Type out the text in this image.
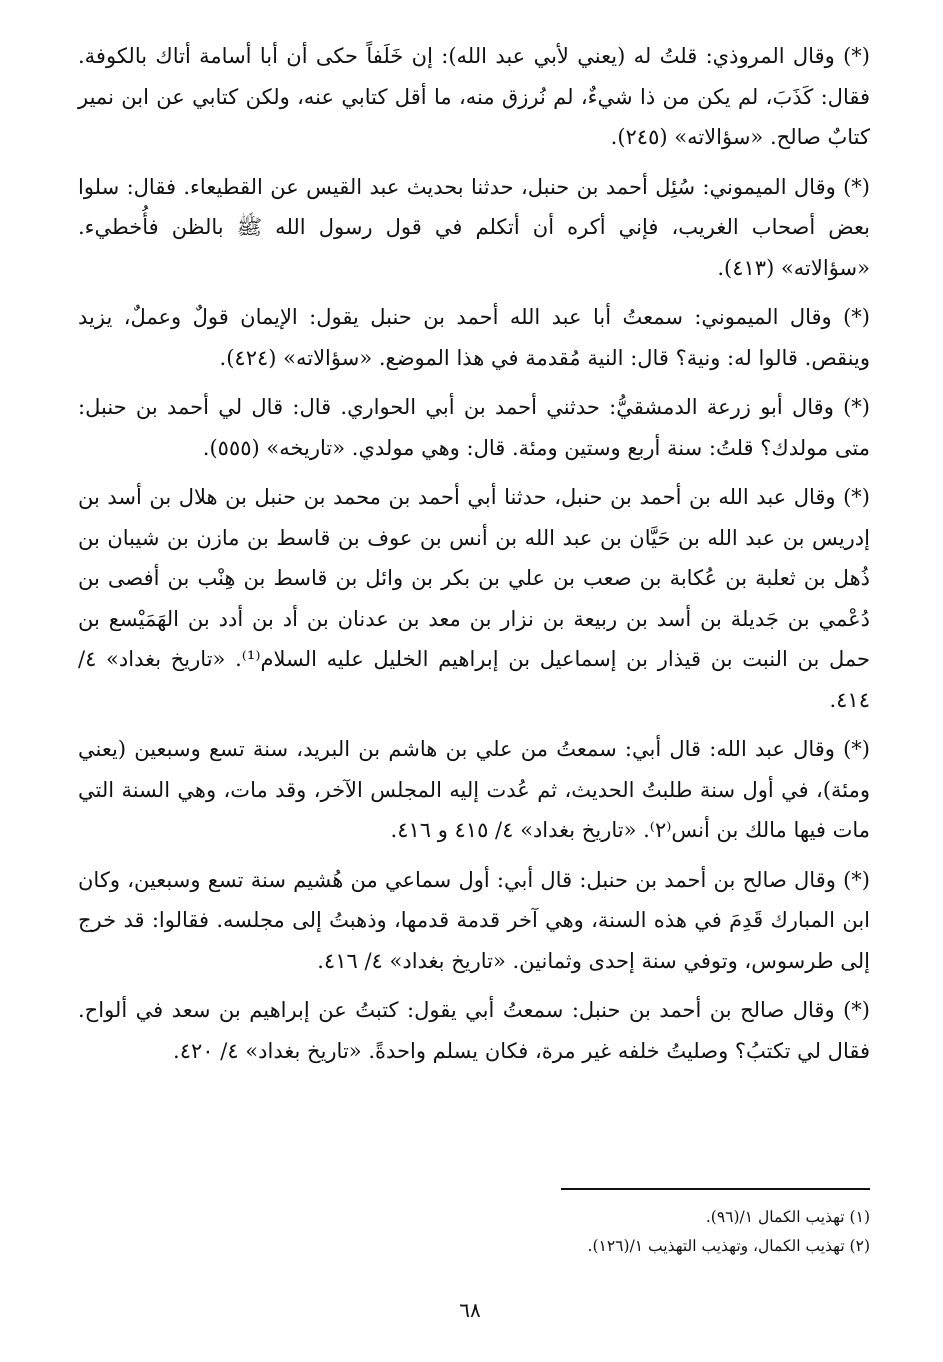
(*) وقال المروذي: قلتُ له (يعني لأبي عبد الله): إن خَلَفاً حكى أن أبا أسامة أتاك بالكوفة. فقال: كَذَبَ، لم يكن من ذا شيءٌ، لم نُرزق منه، ما أقل كتابي عنه، ولكن كتابي عن ابن نمير كتابٌ صالح. «سؤالاته» (٢٤٥).

(*) وقال الميموني: سُئِل أحمد بن حنبل، حدثنا بحديث عبد القيس عن القطيعاء. فقال: سلوا بعض أصحاب الغريب، فإني أكره أن أتكلم في قول رسول الله ﷺ بالظن فأُخطيء. «سؤالاته» (٤١٣).

(*) وقال الميموني: سمعتُ أبا عبد الله أحمد بن حنبل يقول: الإيمان قولٌ وعملٌ، يزيد وينقص. قالوا له: ونية؟ قال: النية مُقدمة في هذا الموضع. «سؤالاته» (٤٢٤).

(*) وقال أبو زرعة الدمشقيُّ: حدثني أحمد بن أبي الحواري. قال: قال لي أحمد بن حنبل: متى مولدك؟ قلتُ: سنة أربع وستين ومئة. قال: وهي مولدي. «تاريخه» (٥٥٥).

(*) وقال عبد الله بن أحمد بن حنبل، حدثنا أبي أحمد بن محمد بن حنبل بن هلال بن أسد بن إدريس بن عبد الله بن حَيَّان بن عبد الله بن أنس بن عوف بن قاسط بن مازن بن شيبان بن ذُهل بن ثعلبة بن عُكابة بن صعب بن علي بن بكر بن وائل بن قاسط بن هِنْب بن أفصى بن دُعْمي بن جَديلة بن أسد بن ربيعة بن نزار بن معد بن عدنان بن أد بن أدد بن الهَمَيْسع بن حمل بن النبت بن قيذار بن إسماعيل بن إبراهيم الخليل عليه السلام⁽¹⁾. «تاريخ بغداد» ٤/ ٤١٤.

(*) وقال عبد الله: قال أبي: سمعتُ من علي بن هاشم بن البريد، سنة تسع وسبعين (يعني ومئة)، في أول سنة طلبتُ الحديث، ثم عُدت إليه المجلس الآخر، وقد مات، وهي السنة التي مات فيها مالك بن أنس⁽٢⁾. «تاريخ بغداد» ٤/ ٤١٥ و ٤١٦.

(*) وقال صالح بن أحمد بن حنبل: قال أبي: أول سماعي من هُشيم سنة تسع وسبعين، وكان ابن المبارك قَدِمَ في هذه السنة، وهي آخر قدمة قدمها، وذهبتُ إلى مجلسه. فقالوا: قد خرج إلى طرسوس، وتوفي سنة إحدى وثمانين. «تاريخ بغداد» ٤/ ٤١٦.

(*) وقال صالح بن أحمد بن حنبل: سمعتُ أبي يقول: كتبتُ عن إبراهيم بن سعد في ألواح. فقال لي تكتبُ؟ وصليتُ خلفه غير مرة، فكان يسلم واحدةً. «تاريخ بغداد» ٤/ ٤٢٠.

(١) تهذيب الكمال ١/(٩٦).

(٢) تهذيب الكمال، وتهذيب التهذيب ١/(١٢٦).

٦٨
